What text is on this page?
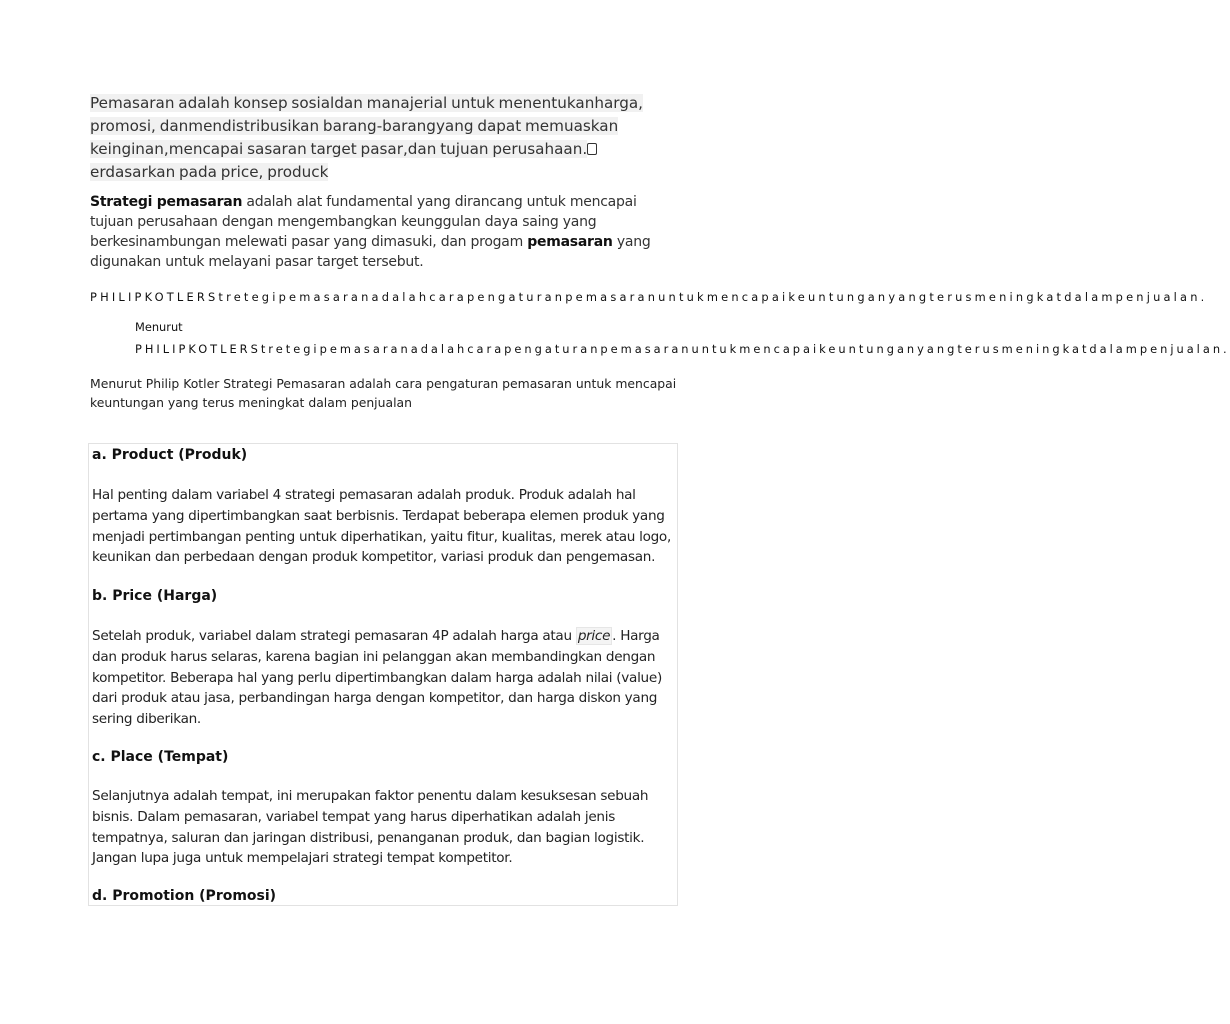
Pemasaran adalah konsep sosialdan manajerial untuk menentukanharga, promosi, danmendistribusikan barang-barangyang dapat memuaskan keinginan,mencapai sasaran target pasar,dan tujuan perusahaan.erdasarkan pada price, produck

Strategi pemasaran adalah alat fundamental yang dirancang untuk mencapai tujuan perusahaan dengan mengembangkan keunggulan daya saing yang berkesinambungan melewati pasar yang dimasuki, dan progam pemasaran yang digunakan untuk melayani pasar target tersebut.

PHILIPKOTLERStretegipemasaranadalahcarapengaturanpemasaranuntukmencapaikeuntunganyangterusmeningkatdalampenjualan.

Menurut PHILIPKOTLERStretegipemasaranadalahcarapengaturanpemasaranuntukmencapaikeuntunganyangterusmeningkatdalampenjualan.

Menurut Philip Kotler Strategi Pemasaran adalah cara pengaturan pemasaran untuk mencapai keuntungan yang terus meningkat dalam penjualan

a. Product (Produk)

Hal penting dalam variabel 4 strategi pemasaran adalah produk. Produk adalah hal pertama yang dipertimbangkan saat berbisnis. Terdapat beberapa elemen produk yang menjadi pertimbangan penting untuk diperhatikan, yaitu fitur, kualitas, merek atau logo, keunikan dan perbedaan dengan produk kompetitor, variasi produk dan pengemasan.

b. Price (Harga)

Setelah produk, variabel dalam strategi pemasaran 4P adalah harga atau price . Harga dan produk harus selaras, karena bagian ini pelanggan akan membandingkan dengan kompetitor. Beberapa hal yang perlu dipertimbangkan dalam harga adalah nilai (value) dari produk atau jasa, perbandingan harga dengan kompetitor, dan harga diskon yang sering diberikan.

c. Place (Tempat)

Selanjutnya adalah tempat, ini merupakan faktor penentu dalam kesuksesan sebuah bisnis. Dalam pemasaran, variabel tempat yang harus diperhatikan adalah jenis tempatnya, saluran dan jaringan distribusi, penanganan produk, dan bagian logistik. Jangan lupa juga untuk mempelajari strategi tempat kompetitor.

d. Promotion (Promosi)
